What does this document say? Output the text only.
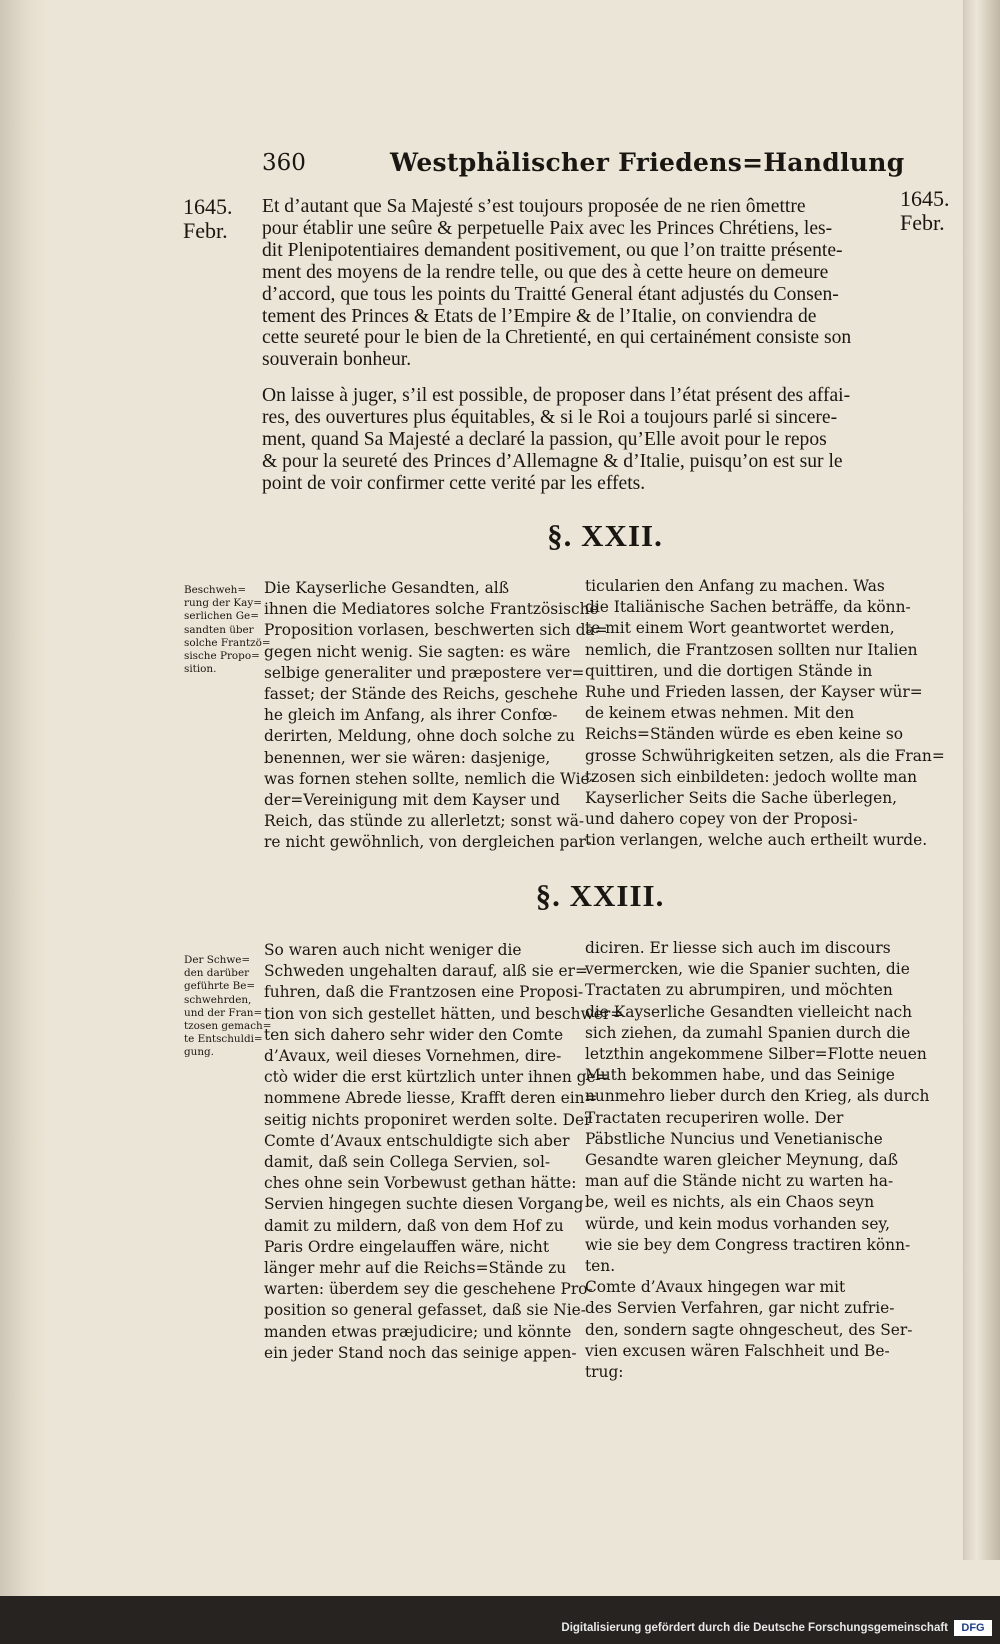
360	Westphälischer Friedens=Handlung
1645.
Febr.
1645.
Febr.
Et d’autant que Sa Majesté s’est toujours proposée de ne rien ômettre
pour établir une seûre & perpetuelle Paix avec les Princes Chrétiens, les-
dit Plenipotentiaires demandent positivement, ou que l’on traitte présente-
ment des moyens de la rendre telle, ou que des à cette heure on demeure
d’accord, que tous les points du Traitté General étant adjustés du Consen-
tement des Princes & Etats de l’Empire & de l’Italie, on conviendra de
cette seureté pour le bien de la Chretienté, en qui certainément consiste son
souverain bonheur.
On laisse à juger, s’il est possible, de proposer dans l’état présent des affai-
res, des ouvertures plus équitables, & si le Roi a toujours parlé si sincere-
ment, quand Sa Majesté a declaré la passion, qu’Elle avoit pour le repos
& pour la seureté des Princes d’Allemagne & d’Italie, puisqu’on est sur le
point de voir confirmer cette verité par les effets.
§. XXII.
Beschweh=
rung der Kay=
serlichen Ge=
sandten über
solche Frantzö=
sische Propo=
sition.
Die Kayserliche Gesandten, alß
ihnen die Mediatores solche Frantzösische
Proposition vorlasen, beschwerten sich da=
gegen nicht wenig. Sie sagten: es wäre
selbige generaliter und præpostere ver=
fasset; der Stände des Reichs, geschehe
he gleich im Anfang, als ihrer Confœ-
derirten, Meldung, ohne doch solche zu
benennen, wer sie wären: dasjenige,
was fornen stehen sollte, nemlich die Wie-
der=Vereinigung mit dem Kayser und
Reich, das stünde zu allerletzt; sonst wä-
re nicht gewöhnlich, von dergleichen par-
ticularien den Anfang zu machen. Was
die Italiänische Sachen beträffe, da könn-
te mit einem Wort geantwortet werden,
nemlich, die Frantzosen sollten nur Italien
quittiren, und die dortigen Stände in
Ruhe und Frieden lassen, der Kayser wür=
de keinem etwas nehmen. Mit den
Reichs=Ständen würde es eben keine so
grosse Schwührigkeiten setzen, als die Fran=
tzosen sich einbildeten: jedoch wollte man
Kayserlicher Seits die Sache überlegen,
und dahero copey von der Proposi-
tion verlangen, welche auch ertheilt wurde.
§. XXIII.
Der Schwe=
den darüber
geführte Be=
schwehrden,
und der Fran=
tzosen gemach=
te Entschuldi=
gung.
So waren auch nicht weniger die
Schweden ungehalten darauf, alß sie er=
fuhren, daß die Frantzosen eine Proposi-
tion von sich gestellet hätten, und beschwer=
ten sich dahero sehr wider den Comte
d’Avaux, weil dieses Vornehmen, dire-
ctò wider die erst kürtzlich unter ihnen ge=
nommene Abrede liesse, Krafft deren ein=
seitig nichts proponiret werden solte. Der
Comte d’Avaux entschuldigte sich aber
damit, daß sein Collega Servien, sol-
ches ohne sein Vorbewust gethan hätte:
Servien hingegen suchte diesen Vorgang
damit zu mildern, daß von dem Hof zu
Paris Ordre eingelauffen wäre, nicht
länger mehr auf die Reichs=Stände zu
warten: überdem sey die geschehene Pro-
position so general gefasset, daß sie Nie-
manden etwas præjudicire; und könnte
ein jeder Stand noch das seinige appen-
diciren. Er liesse sich auch im discours
vermercken, wie die Spanier suchten, die
Tractaten zu abrumpiren, und möchten
die Kayserliche Gesandten vielleicht nach
sich ziehen, da zumahl Spanien durch die
letzthin angekommene Silber=Flotte neuen
Muth bekommen habe, und das Seinige
nunmehro lieber durch den Krieg, als durch
Tractaten recuperiren wolle. Der
Päbstliche Nuncius und Venetianische
Gesandte waren gleicher Meynung, daß
man auf die Stände nicht zu warten ha-
be, weil es nichts, als ein Chaos seyn
würde, und kein modus vorhanden sey,
wie sie bey dem Congress tractiren könn-
ten.
Comte d’Avaux hingegen war mit
des Servien Verfahren, gar nicht zufrie-
den, sondern sagte ohngescheut, des Ser-
vien excusen wären Falschheit und Be-
trug:
Digitalisierung gefördert durch die Deutsche Forschungsgemeinschaft	DFG
